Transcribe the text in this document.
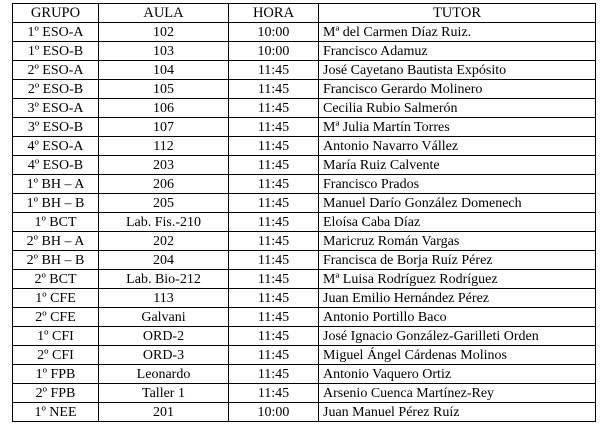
GRUPO	AULA	HORA	TUTOR
1º ESO-A	102	10:00	Mª del Carmen Díaz Ruiz.
1º ESO-B	103	10:00	Francisco Adamuz
2º ESO-A	104	11:45	José Cayetano Bautista Expósito
2º ESO-B	105	11:45	Francisco Gerardo Molinero
3º ESO-A	106	11:45	Cecilia Rubio Salmerón
3º ESO-B	107	11:45	Mª Julia Martín Torres
4º ESO-A	112	11:45	Antonio Navarro Vállez
4º ESO-B	203	11:45	María Ruiz Calvente
1º BH – A	206	11:45	Francisco Prados
1º BH – B	205	11:45	Manuel Darío González Domenech
1º BCT	Lab. Fis.-210	11:45	Eloísa Caba Díaz
2º BH – A	202	11:45	Maricruz Román Vargas
2º BH – B	204	11:45	Francisca de Borja Ruíz Pérez
2º BCT	Lab. Bio-212	11:45	Mª Luisa Rodríguez Rodríguez
1º CFE	113	11:45	Juan Emilio Hernández Pérez
2º CFE	Galvani	11:45	Antonio Portillo Baco
1º CFI	ORD-2	11:45	José Ignacio González-Garilleti Orden
2º CFI	ORD-3	11:45	Miguel Ángel Cárdenas Molinos
1º FPB	Leonardo	11:45	Antonio Vaquero Ortiz
2º FPB	Taller 1	11:45	Arsenio Cuenca Martínez-Rey
1º NEE	201	10:00	Juan Manuel Pérez Ruíz
